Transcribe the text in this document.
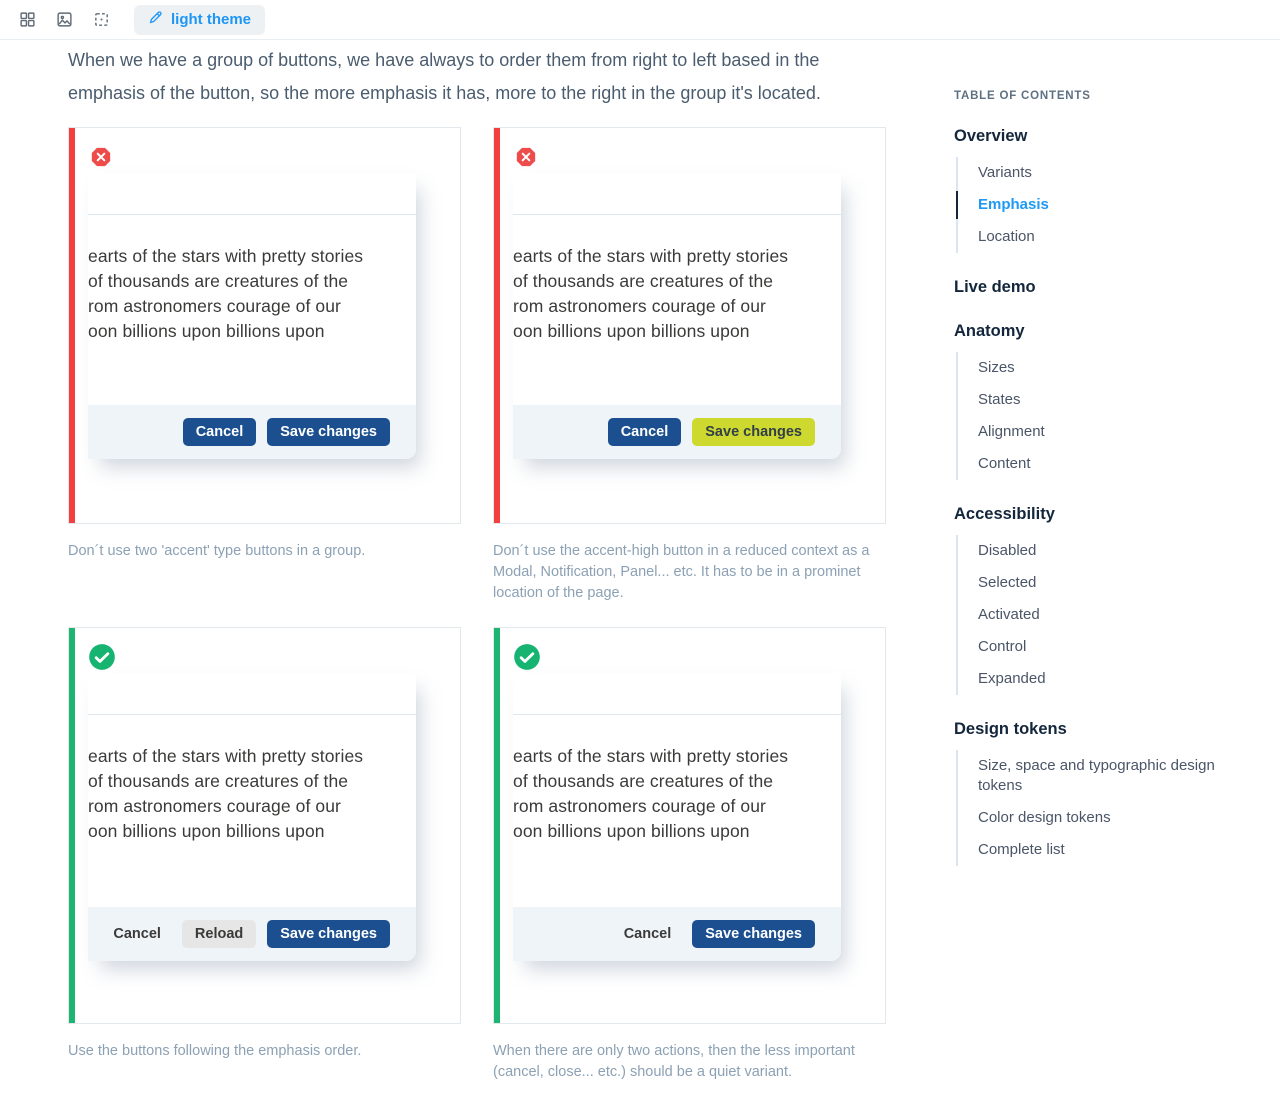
light theme

When we have a group of buttons, we have always to order them from right to left based in the emphasis of the button, so the more emphasis it has, more to the right in the group it's located.

earts of the stars with pretty stories
of thousands are creatures of the
rom astronomers courage of our
oon billions upon billions upon
Cancel	Save changes

Don´t use two 'accent' type buttons in a group.

earts of the stars with pretty stories
of thousands are creatures of the
rom astronomers courage of our
oon billions upon billions upon
Cancel	Save changes

Don´t use the accent-high button in a reduced context as a Modal, Notification, Panel... etc. It has to be in a prominet location of the page.

earts of the stars with pretty stories
of thousands are creatures of the
rom astronomers courage of our
oon billions upon billions upon
Cancel	Reload	Save changes

Use the buttons following the emphasis order.

earts of the stars with pretty stories
of thousands are creatures of the
rom astronomers courage of our
oon billions upon billions upon
Cancel	Save changes

When there are only two actions, then the less important (cancel, close... etc.) should be a quiet variant.

TABLE OF CONTENTS
Overview
Variants
Emphasis
Location
Live demo
Anatomy
Sizes
States
Alignment
Content
Accessibility
Disabled
Selected
Activated
Control
Expanded
Design tokens
Size, space and typographic design tokens
Color design tokens
Complete list
